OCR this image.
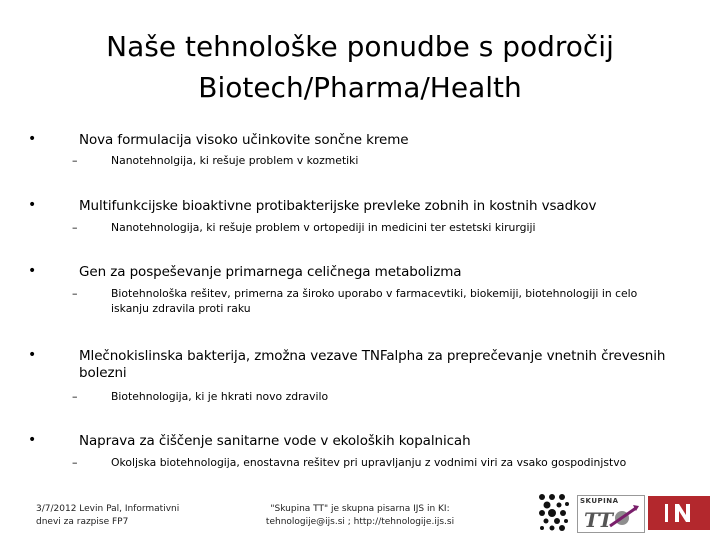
Naše tehnološke ponudbe s področij
Biotech/Pharma/Health
•	Nova formulacija visoko učinkovite sončne kreme
–	Nanotehnolgija, ki rešuje problem v kozmetiki
•	Multifunkcijske bioaktivne protibakterijske prevleke zobnih in kostnih vsadkov
–	Nanotehnologija, ki rešuje problem v ortopediji in medicini ter estetski kirurgiji
•	Gen za pospeševanje primarnega celičnega metabolizma
–	Biotehnološka rešitev, primerna za široko uporabo v farmacevtiki, biokemiji, biotehnologiji in celo iskanju zdravila proti raku
•	Mlečnokislinska bakterija, zmožna vezave TNFalpha za preprečevanje vnetnih črevesnih bolezni
–	Biotehnologija, ki je hkrati novo zdravilo
•	Naprava za čiščenje sanitarne vode v ekoloških kopalnicah
–	Okoljska biotehnologija, enostavna rešitev pri upravljanju z vodnimi viri za vsako gospodinjstvo
3/7/2012 Levin Pal, Informativni
dnevi za razpise FP7
"Skupina TT" je skupna pisarna IJS in KI:
tehnologije@ijs.si ; http://tehnologije.ijs.si
SKUPINA
TT
